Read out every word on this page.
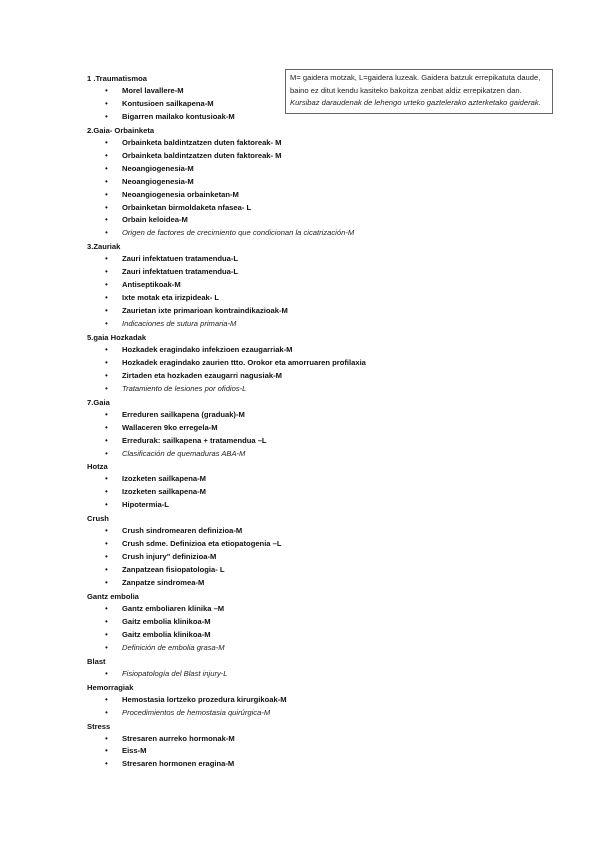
M= gaidera motzak, L=gaidera luzeak. Gaidera batzuk errepikatuta daude,

baino ez ditut kendu kasiteko bakoitza zenbat aldiz errepikatzen dan.

Kursibaz daraudenak de lehengo urteko gaztelerako azterketako gaiderak.

1 .Traumatismoa
• Morel lavallere-M
• Kontusioen sailkapena-M
• Bigarren mailako kontusioak-M
2.Gaia- Orbainketa
• Orbainketa baldintzatzen duten faktoreak- M
• Orbainketa baldintzatzen duten faktoreak- M
• Neoangiogenesia-M
• Neoangiogenesia-M
• Neoangiogenesia orbainketan-M
• Orbainketan birmoldaketa nfasea- L
• Orbain keloidea-M
• Origen de factores de crecimiento que condicionan la cicatrización-M
3.Zauriak
• Zauri infektatuen tratamendua-L
• Zauri infektatuen tratamendua-L
• Antiseptikoak-M
• Ixte motak eta irizpideak- L
• Zaurietan ixte primarioan kontraindikazioak-M
• Indicaciones de sutura primaria-M
5.gaia Hozkadak
• Hozkadek eragindako infekzioen ezaugarriak-M
• Hozkadek eragindako zaurien ttto. Orokor eta amorruaren profilaxia
• Zirtaden eta hozkaden ezaugarri nagusiak-M
• Tratamiento de lesiones por ofidios-L
7.Gaia
• Erreduren sailkapena (graduak)-M
• Wallaceren 9ko erregela-M
• Erredurak: sailkapena + tratamendua –L
• Clasificación de quemaduras ABA-M
Hotza
• Izozketen sailkapena-M
• Izozketen sailkapena-M
• Hipotermia-L
Crush
• Crush sindromearen definizioa-M
• Crush sdme. Definizioa eta etiopatogenia –L
• Crush injury" definizioa-M
• Zanpatzean fisiopatologia- L
• Zanpatze sindromea-M
Gantz embolia
• Gantz emboliaren klinika –M
• Gaitz embolia klinikoa-M
• Gaitz embolia klinikoa-M
• Definición de embolia grasa-M
Blast
• Fisiopatología del Blast injury-L
Hemorragiak
• Hemostasia lortzeko prozedura kirurgikoak-M
• Procedimientos de hemostasia quirúrgica-M
Stress
• Stresaren aurreko hormonak-M
• Eiss-M
• Stresaren hormonen eragina-M
